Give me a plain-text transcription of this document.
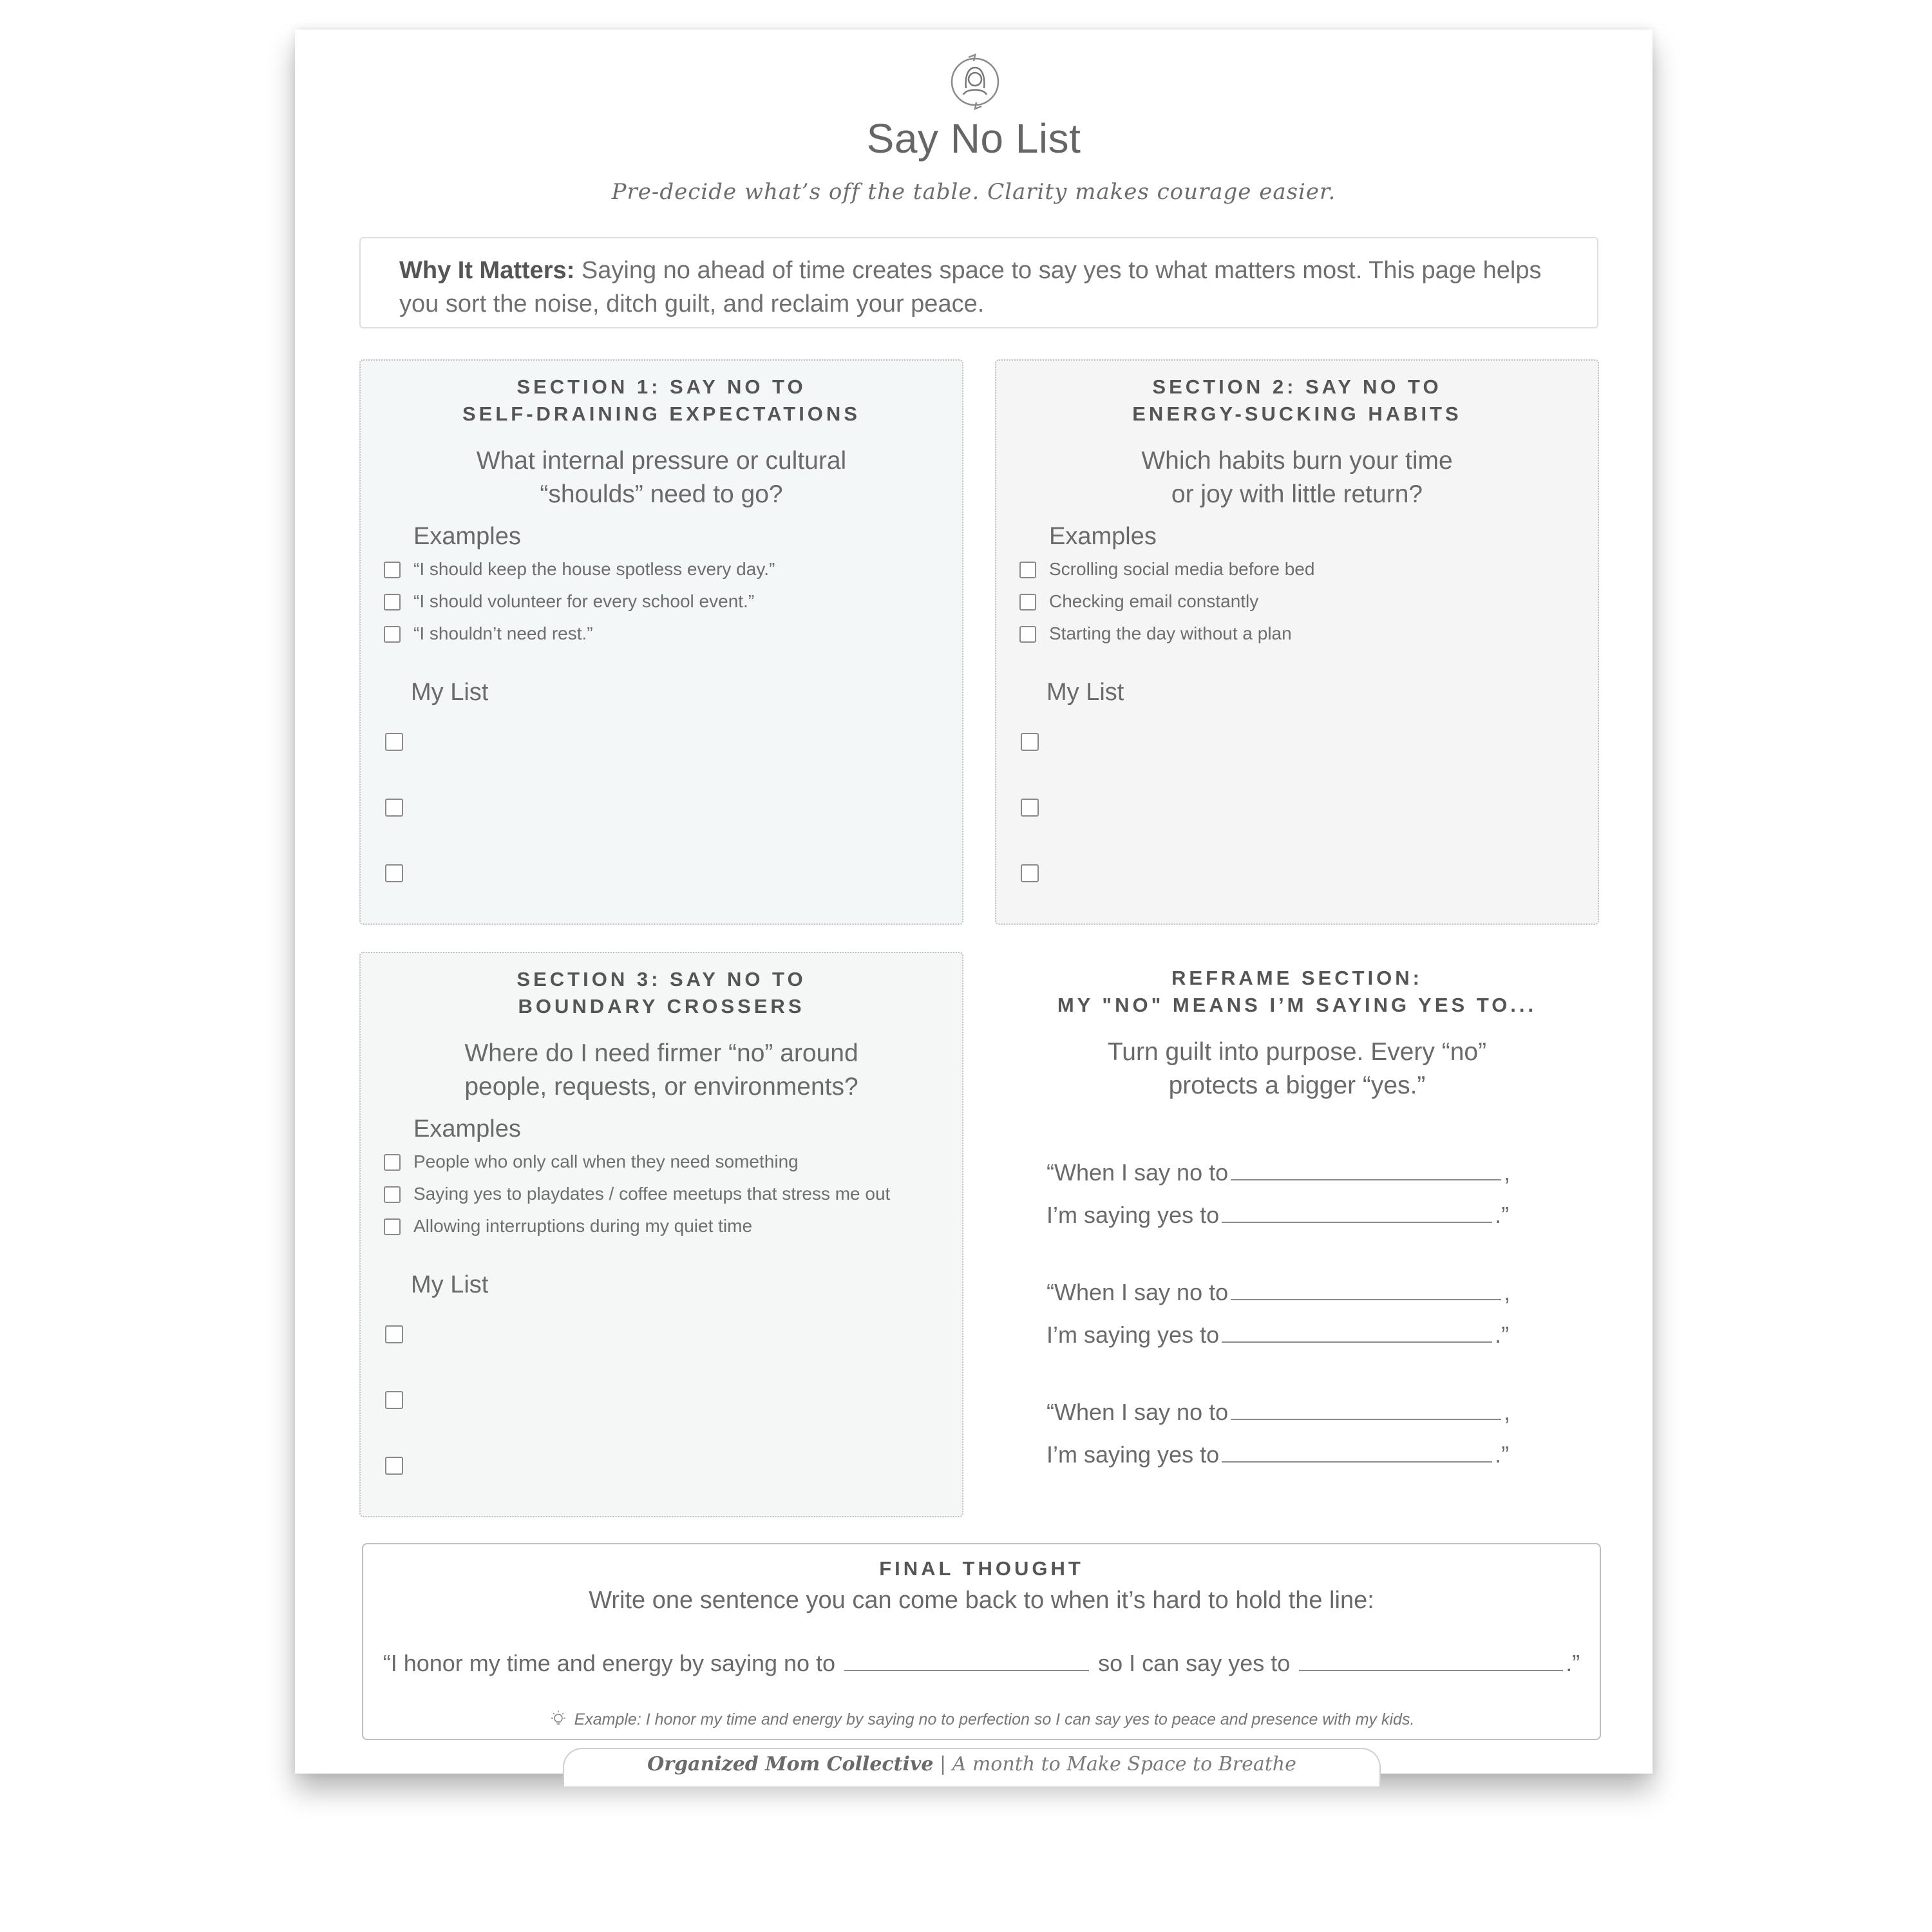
Say No List
Pre-decide what’s off the table. Clarity makes courage easier.
Why It Matters: Saying no ahead of time creates space to say yes to what matters most. This page helps you sort the noise, ditch guilt, and reclaim your peace.
SECTION 1: SAY NO TO
SELF-DRAINING EXPECTATIONS
What internal pressure or cultural
“shoulds” need to go?
Examples
“I should keep the house spotless every day.”
“I should volunteer for every school event.”
“I shouldn’t need rest.”
My List
SECTION 2: SAY NO TO
ENERGY-SUCKING HABITS
Which habits burn your time
or joy with little return?
Examples
Scrolling social media before bed
Checking email constantly
Starting the day without a plan
My List
SECTION 3: SAY NO TO
BOUNDARY CROSSERS
Where do I need firmer “no” around
people, requests, or environments?
Examples
People who only call when they need something
Saying yes to playdates / coffee meetups that stress me out
Allowing interruptions during my quiet time
My List
REFRAME SECTION:
MY "NO" MEANS I’M SAYING YES TO...
Turn guilt into purpose. Every “no”
protects a bigger “yes.”
“When I say no to	,
I’m saying yes to	.”
“When I say no to	,
I’m saying yes to	.”
“When I say no to	,
I’m saying yes to	.”
FINAL THOUGHT
Write one sentence you can come back to when it’s hard to hold the line:
“I honor my time and energy by saying no to	so I can say yes to	.”
Example: I honor my time and energy by saying no to perfection so I can say yes to peace and presence with my kids.
Organized Mom Collective | A month to Make Space to Breathe
